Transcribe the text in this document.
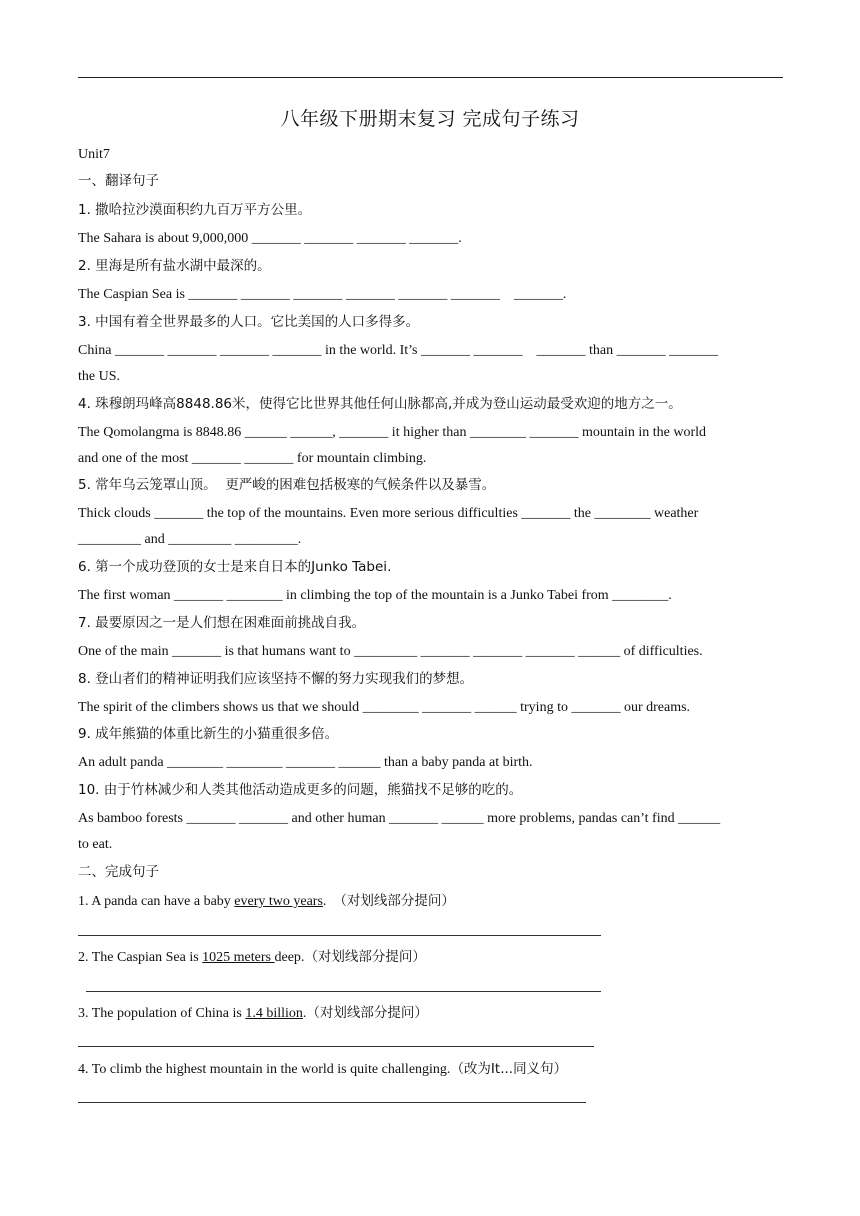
八年级下册期末复习 完成句子练习
Unit7
一、翻译句子
1. 撒哈拉沙漠面积约九百万平方公里。
The Sahara is about 9,000,000 _______ _______ _______ _______.
2. 里海是所有盐水湖中最深的。
The Caspian Sea is _______ _______ _______ _______ _______ _______    _______.
3. 中国有着全世界最多的人口。它比美国的人口多得多。
China _______ _______ _______ _______ in the world. It’s _______ _______    _______ than _______ _______
the US.
4. 珠穆朗玛峰高8848.86米，使得它比世界其他任何山脉都高,并成为登山运动最受欢迎的地方之一。
The Qomolangma is 8848.86 ______ ______, _______ it higher than ________ _______ mountain in the world
and one of the most _______ _______ for mountain climbing.
5. 常年乌云笼罩山顶。  更严峻的困难包括极寒的气候条件以及暴雪。
Thick clouds _______ the top of the mountains. Even more serious difficulties _______ the ________ weather
_________ and _________ _________.
6. 第一个成功登顶的女士是来自日本的Junko Tabei.
The first woman _______ ________ in climbing the top of the mountain is a Junko Tabei from ________.
7. 最要原因之一是人们想在困难面前挑战自我。
One of the main _______ is that humans want to _________ _______ _______ _______ ______ of difficulties.
8. 登山者们的精神证明我们应该坚持不懈的努力实现我们的梦想。
The spirit of the climbers shows us that we should ________ _______ ______ trying to _______ our dreams.
9. 成年熊猫的体重比新生的小猫重很多倍。
An adult panda ________ ________ _______ ______ than a baby panda at birth.
10. 由于竹林减少和人类其他活动造成更多的问题，熊猫找不足够的吃的。
As bamboo forests _______ _______ and other human _______ ______ more problems, pandas can’t find ______
to eat.
二、完成句子
1. A panda can have a baby every two years.  （对划线部分提问）
2. The Caspian Sea is 1025 meters deep.（对划线部分提问）
3. The population of China is 1.4 billion.（对划线部分提问）
4. To climb the highest mountain in the world is quite challenging.（改为It...同义句）
